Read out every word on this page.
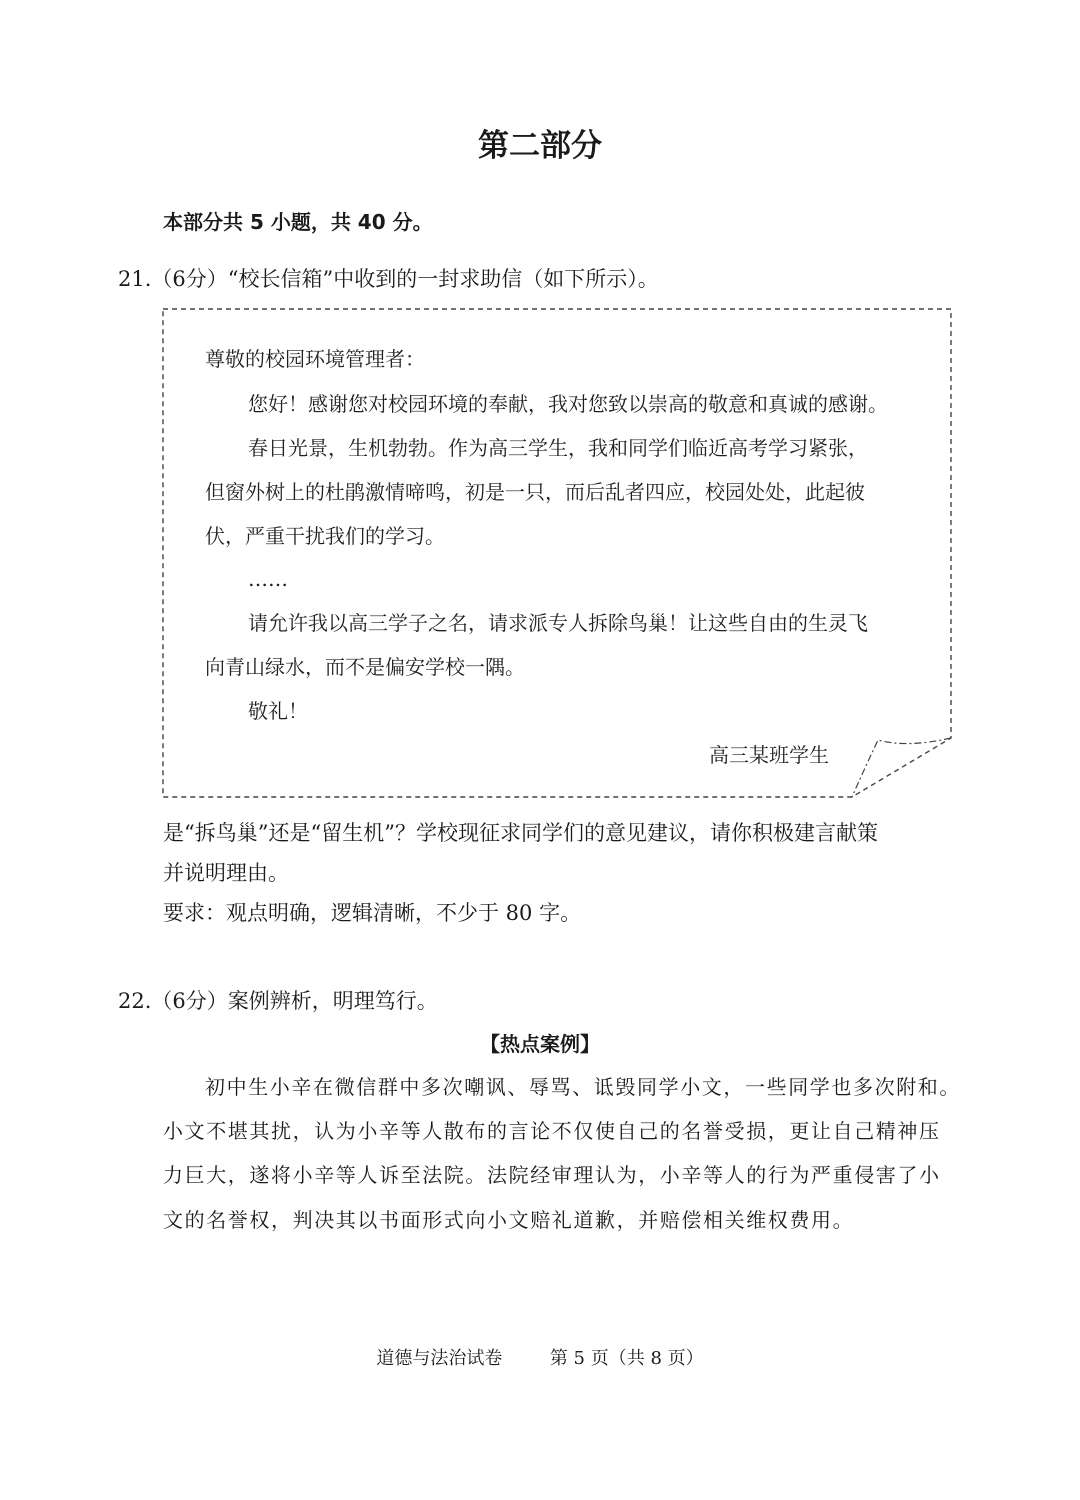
第二部分

本部分共 5 小题，共 40 分。

21.（6分）“校长信箱”中收到的一封求助信（如下所示）。

尊敬的校园环境管理者：

您好！感谢您对校园环境的奉献，我对您致以崇高的敬意和真诚的感谢。

春日光景，生机勃勃。作为高三学生，我和同学们临近高考学习紧张，

但窗外树上的杜鹃激情啼鸣，初是一只，而后乱者四应，校园处处，此起彼

伏，严重干扰我们的学习。

……

请允许我以高三学子之名，请求派专人拆除鸟巢！让这些自由的生灵飞

向青山绿水，而不是偏安学校一隅。

敬礼！

高三某班学生

是“拆鸟巢”还是“留生机”？学校现征求同学们的意见建议，请你积极建言献策

并说明理由。

要求：观点明确，逻辑清晰，不少于 80 字。

22.（6分）案例辨析，明理笃行。

【热点案例】

初中生小辛在微信群中多次嘲讽、辱骂、诋毁同学小文，一些同学也多次附和。

小文不堪其扰，认为小辛等人散布的言论不仅使自己的名誉受损，更让自己精神压

力巨大，遂将小辛等人诉至法院。法院经审理认为，小辛等人的行为严重侵害了小

文的名誉权，判决其以书面形式向小文赔礼道歉，并赔偿相关维权费用。

道德与法治试卷	第 5 页（共 8 页）
